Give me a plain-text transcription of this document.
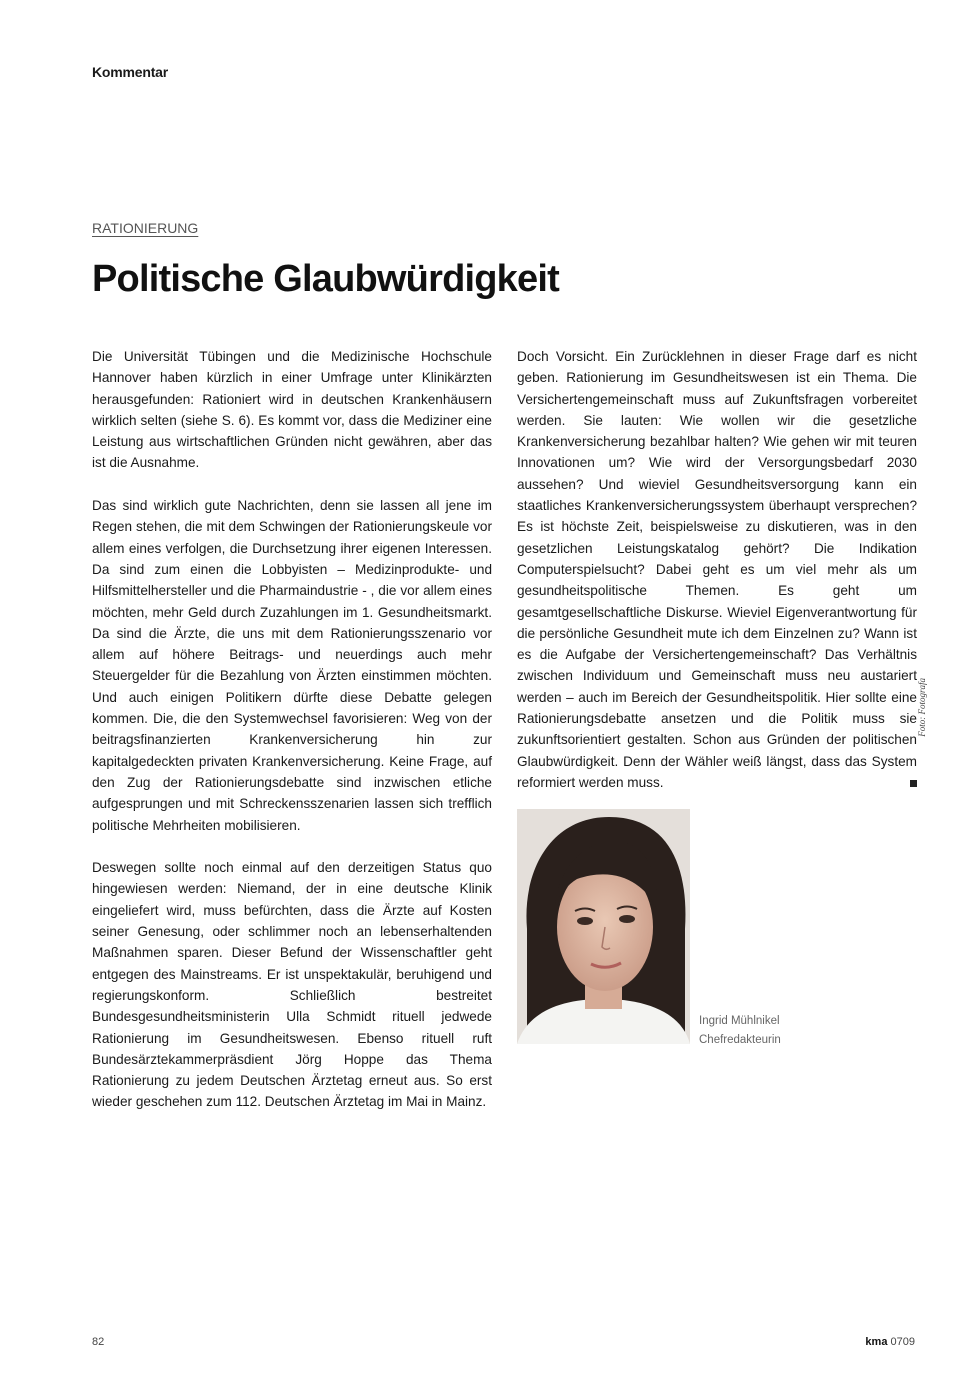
Kommentar
RATIONIERUNG
Politische Glaubwürdigkeit

Die Universität Tübingen und die Medizinische Hochschule Hannover haben kürzlich in einer Umfrage unter Klinikärzten herausgefunden: Rationiert wird in deutschen Krankenhäusern wirklich selten (siehe S. 6). Es kommt vor, dass die Mediziner eine Leistung aus wirtschaftlichen Gründen nicht gewähren, aber das ist die Ausnahme.

Das sind wirklich gute Nachrichten, denn sie lassen all jene im Regen stehen, die mit dem Schwingen der Rationierungskeule vor allem eines verfolgen, die Durchsetzung ihrer eigenen Interessen. Da sind zum einen die Lobbyisten – Medizinprodukte- und Hilfsmittelhersteller und die Pharmaindustrie - , die vor allem eines möchten, mehr Geld durch Zuzahlungen im 1. Gesundheitsmarkt. Da sind die Ärzte, die uns mit dem Rationierungsszenario vor allem auf höhere Beitrags- und neuerdings auch mehr Steuergelder für die Bezahlung von Ärzten einstimmen möchten. Und auch einigen Politikern dürfte diese Debatte gelegen kommen. Die, die den Systemwechsel favorisieren: Weg von der beitragsfinanzierten Krankenversicherung hin zur kapitalgedeckten privaten Krankenversicherung. Keine Frage, auf den Zug der Rationierungsdebatte sind inzwischen etliche aufgesprungen und mit Schreckensszenarien lassen sich trefflich politische Mehrheiten mobilisieren.

Deswegen sollte noch einmal auf den derzeitigen Status quo hingewiesen werden: Niemand, der in eine deutsche Klinik eingeliefert wird, muss befürchten, dass die Ärzte auf Kosten seiner Genesung, oder schlimmer noch an lebenserhaltenden Maßnahmen sparen. Dieser Befund der Wissenschaftler geht entgegen des Mainstreams. Er ist unspektakulär, beruhigend und regierungskonform. Schließlich bestreitet Bundesgesundheitsministerin Ulla Schmidt rituell jedwede Rationierung im Gesundheitswesen. Ebenso rituell ruft Bundesärztekammerpräsdient Jörg Hoppe das Thema Rationierung zu jedem Deutschen Ärztetag erneut aus. So erst wieder geschehen zum 112. Deutschen Ärztetag im Mai in Mainz.

Doch Vorsicht. Ein Zurücklehnen in dieser Frage darf es nicht geben. Rationierung im Gesundheitswesen ist ein Thema. Die Versichertengemeinschaft muss auf Zukunftsfragen vorbereitet werden. Sie lauten: Wie wollen wir die gesetzliche Krankenversicherung bezahlbar halten? Wie gehen wir mit teuren Innovationen um? Wie wird der Versorgungsbedarf 2030 aussehen? Und wieviel Gesundheitsversorgung kann ein staatliches Krankenversicherungssystem überhaupt versprechen? Es ist höchste Zeit, beispielsweise zu diskutieren, was in den gesetzlichen Leistungskatalog gehört? Die Indikation Computerspielsucht? Dabei geht es um viel mehr als um gesundheitspolitische Themen. Es geht um gesamtgesellschaftliche Diskurse. Wieviel Eigenverantwortung für die persönliche Gesundheit mute ich dem Einzelnen zu? Wann ist es die Aufgabe der Versichertengemeinschaft? Das Verhältnis zwischen Individuum und Gemeinschaft muss neu austariert werden – auch im Bereich der Gesundheitspolitik. Hier sollte eine Rationierungsdebatte ansetzen und die Politik muss sie zukunftsorientiert gestalten. Schon aus Gründen der politischen Glaubwürdigkeit. Denn der Wähler weiß längst, dass das System reformiert werden muss.

Foto: Fotografa
Ingrid Mühlnikel
Chefredakteurin
82	kma 0709
